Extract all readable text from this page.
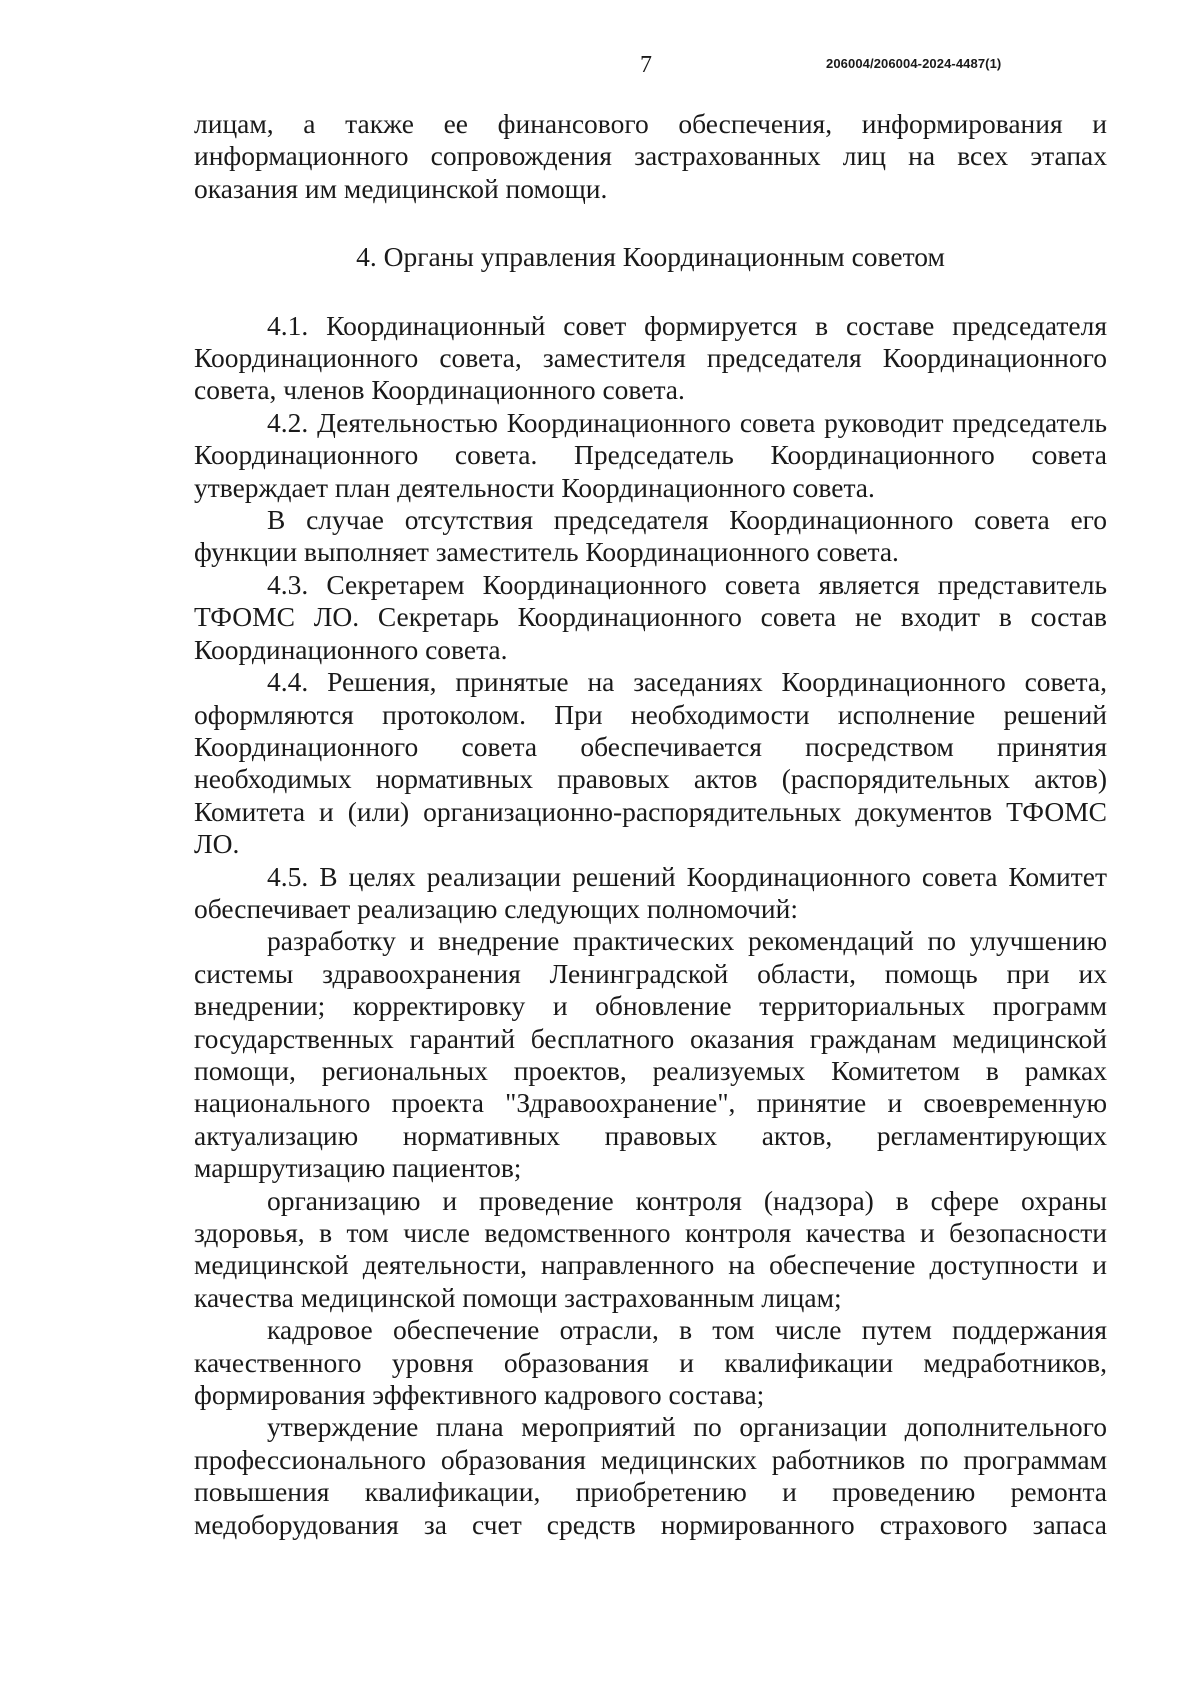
7	206004/206004-2024-4487(1)

лицам, а также ее финансового обеспечения, информирования и информационного сопровождения застрахованных лиц на всех этапах оказания им медицинской помощи.

4. Органы управления Координационным советом

4.1. Координационный совет формируется в составе председателя Координационного совета, заместителя председателя Координационного совета, членов Координационного совета.

4.2. Деятельностью Координационного совета руководит председатель Координационного совета. Председатель Координационного совета утверждает план деятельности Координационного совета.

В случае отсутствия председателя Координационного совета его функции выполняет заместитель Координационного совета.

4.3. Секретарем Координационного совета является представитель ТФОМС ЛО. Секретарь Координационного совета не входит в состав Координационного совета.

4.4. Решения, принятые на заседаниях Координационного совета, оформляются протоколом. При необходимости исполнение решений Координационного совета обеспечивается посредством принятия необходимых нормативных правовых актов (распорядительных актов) Комитета и (или) организационно-распорядительных документов ТФОМС ЛО.

4.5. В целях реализации решений Координационного совета Комитет обеспечивает реализацию следующих полномочий:

разработку и внедрение практических рекомендаций по улучшению системы здравоохранения Ленинградской области, помощь при их внедрении; корректировку и обновление территориальных программ государственных гарантий бесплатного оказания гражданам медицинской помощи, региональных проектов, реализуемых Комитетом в рамках национального проекта "Здравоохранение", принятие и своевременную актуализацию нормативных правовых актов, регламентирующих маршрутизацию пациентов;

организацию и проведение контроля (надзора) в сфере охраны здоровья, в том числе ведомственного контроля качества и безопасности медицинской деятельности, направленного на обеспечение доступности и качества медицинской помощи застрахованным лицам;

кадровое обеспечение отрасли, в том числе путем поддержания качественного уровня образования и квалификации медработников, формирования эффективного кадрового состава;

утверждение плана мероприятий по организации дополнительного профессионального образования медицинских работников по программам повышения квалификации, приобретению и проведению ремонта медоборудования за счет средств нормированного страхового запаса
